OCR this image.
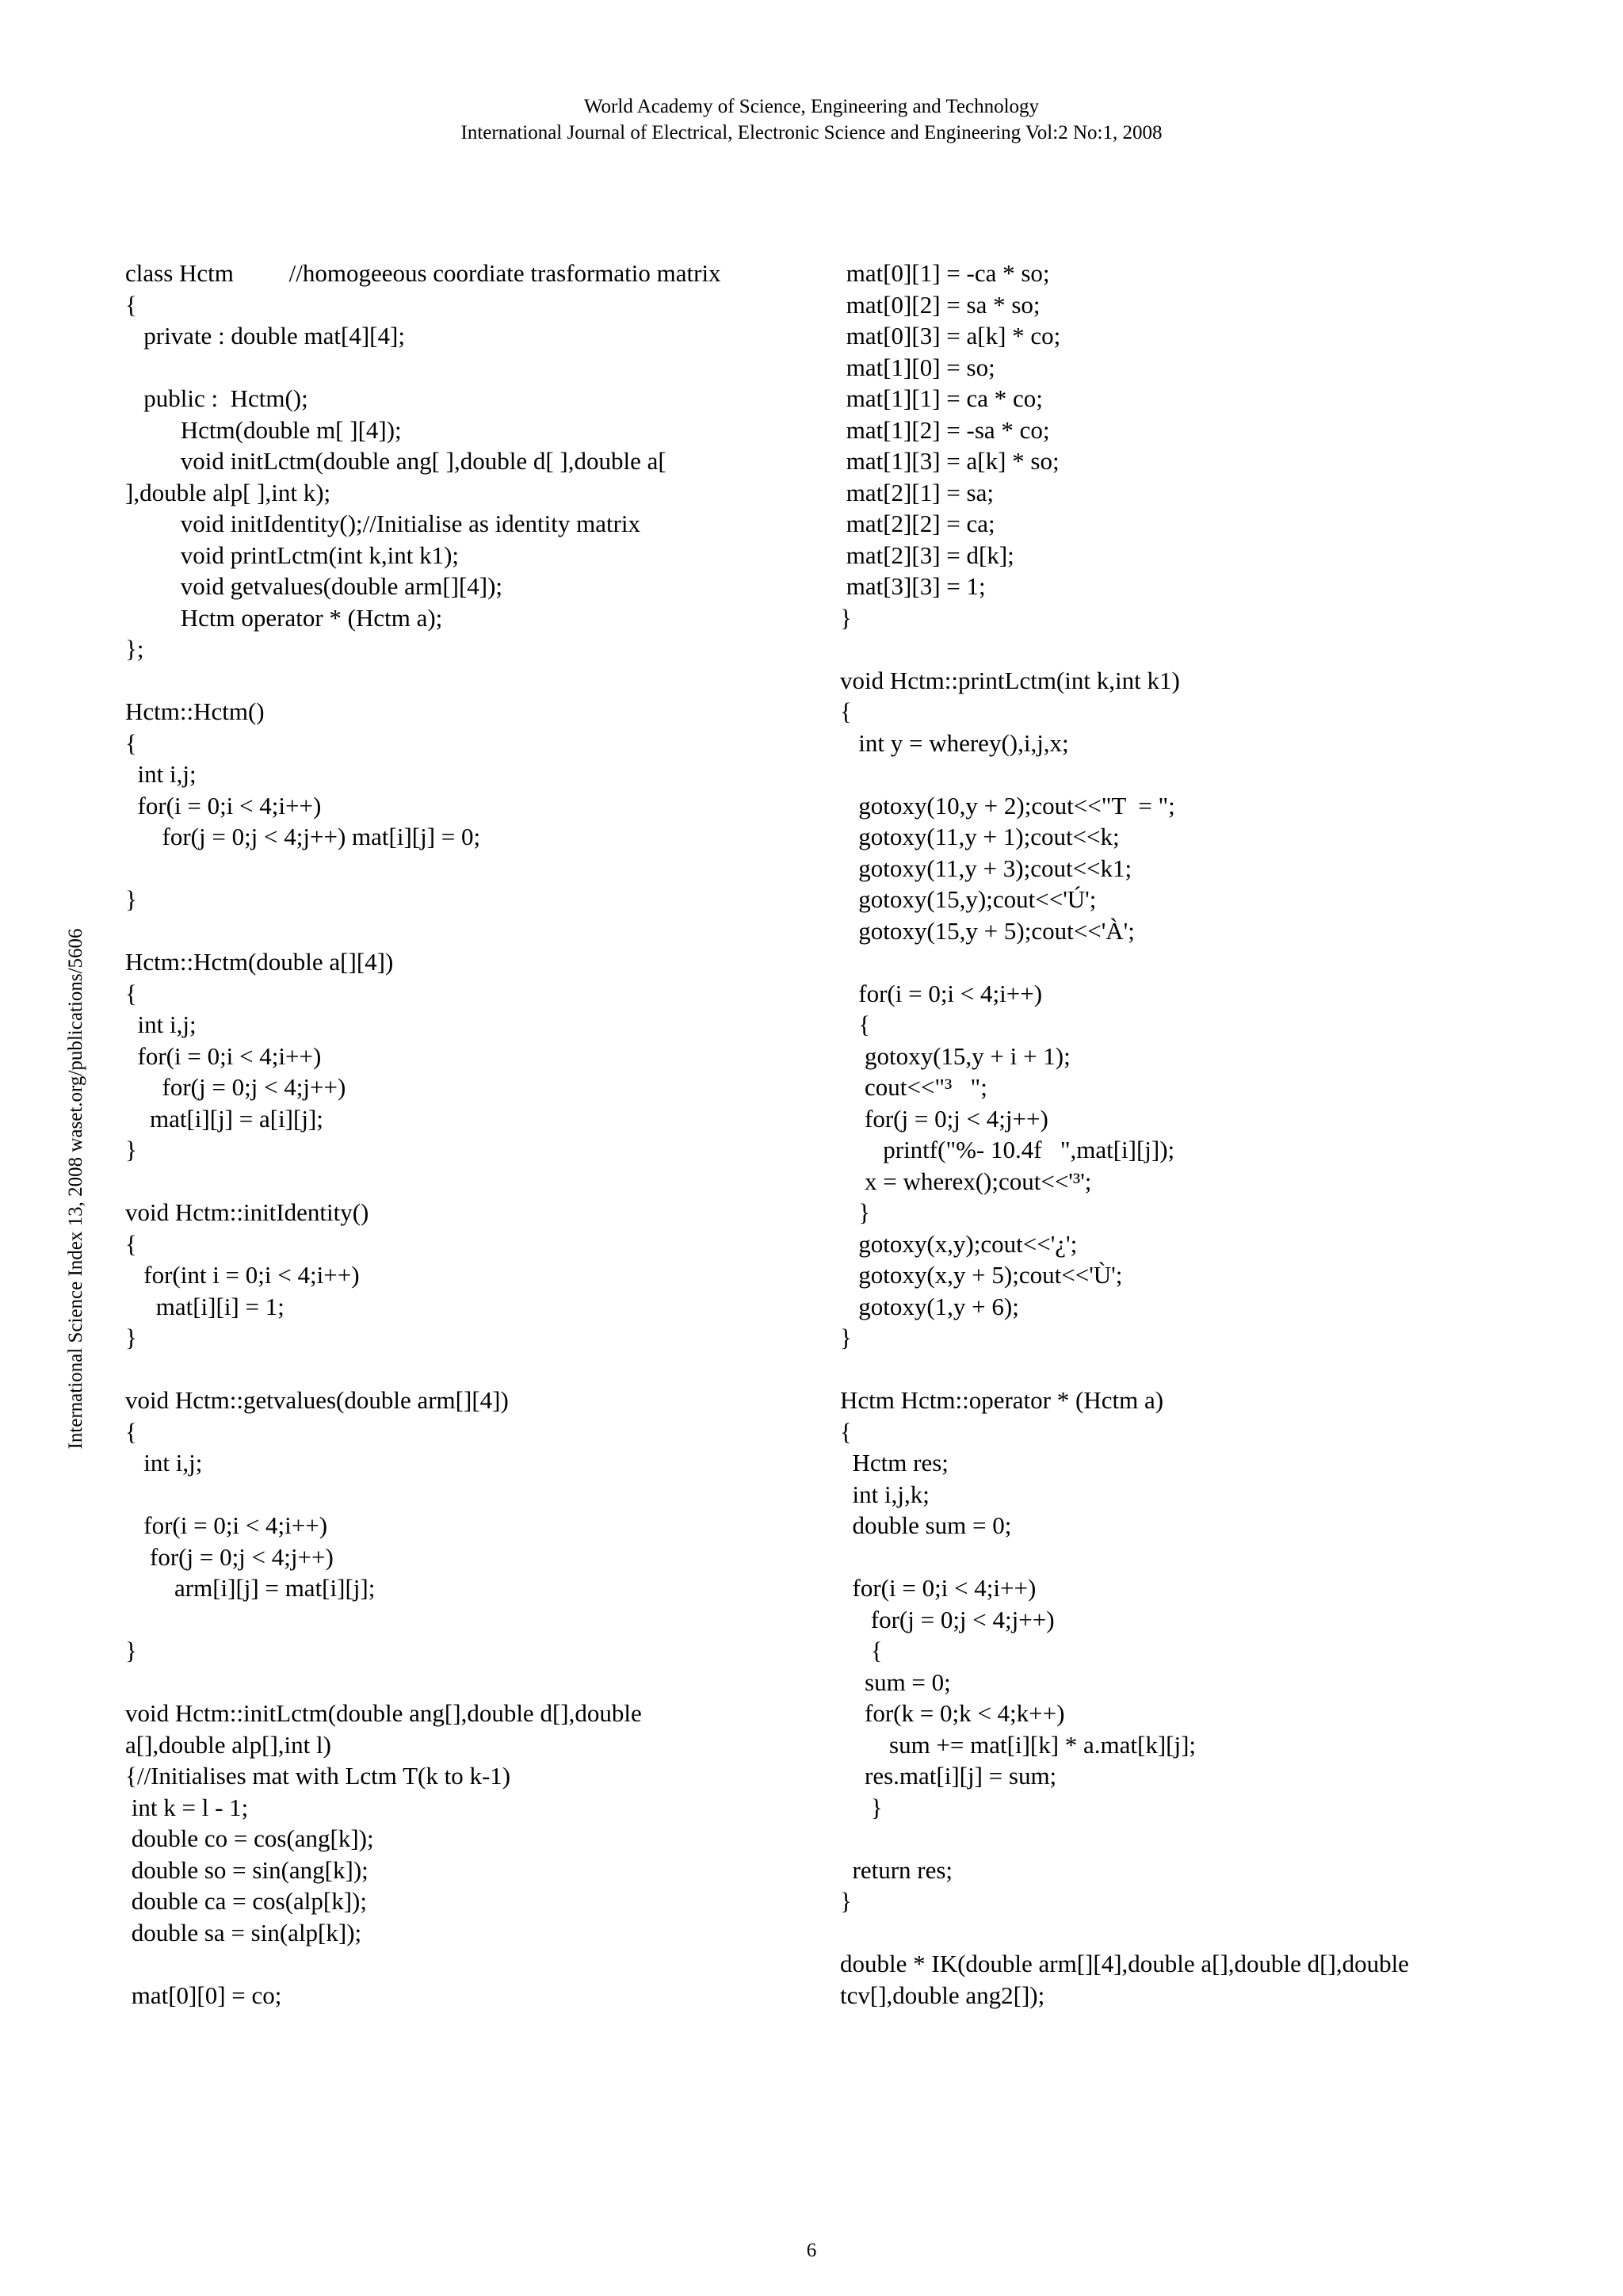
World Academy of Science, Engineering and Technology
International Journal of Electrical, Electronic Science and Engineering Vol:2 No:1, 2008
International Science Index 13, 2008 waset.org/publications/5606
class Hctm         //homogeeous coordiate trasformatio matrix
{
private : double mat[4][4];
public :  Hctm();
Hctm(double m[ ][4]);
void initLctm(double ang[ ],double d[ ],double a[
],double alp[ ],int k);
void initIdentity();//Initialise as identity matrix
void printLctm(int k,int k1);
void getvalues(double arm[][4]);
Hctm operator * (Hctm a);
};
Hctm::Hctm()
{
int i,j;
for(i = 0;i < 4;i++)
for(j = 0;j < 4;j++) mat[i][j] = 0;
}
Hctm::Hctm(double a[][4])
{
int i,j;
for(i = 0;i < 4;i++)
for(j = 0;j < 4;j++)
mat[i][j] = a[i][j];
}
void Hctm::initIdentity()
{
for(int i = 0;i < 4;i++)
mat[i][i] = 1;
}
void Hctm::getvalues(double arm[][4])
{
int i,j;
for(i = 0;i < 4;i++)
for(j = 0;j < 4;j++)
arm[i][j] = mat[i][j];
}
void Hctm::initLctm(double ang[],double d[],double
a[],double alp[],int l)
{//Initialises mat with Lctm T(k to k-1)
int k = l - 1;
double co = cos(ang[k]);
double so = sin(ang[k]);
double ca = cos(alp[k]);
double sa = sin(alp[k]);
mat[0][0] = co;
mat[0][1] = -ca * so;
mat[0][2] = sa * so;
mat[0][3] = a[k] * co;
mat[1][0] = so;
mat[1][1] = ca * co;
mat[1][2] = -sa * co;
mat[1][3] = a[k] * so;
mat[2][1] = sa;
mat[2][2] = ca;
mat[2][3] = d[k];
mat[3][3] = 1;
}
void Hctm::printLctm(int k,int k1)
{
int y = wherey(),i,j,x;
gotoxy(10,y + 2);cout<<"T  = ";
gotoxy(11,y + 1);cout<<k;
gotoxy(11,y + 3);cout<<k1;
gotoxy(15,y);cout<<'Ú';
gotoxy(15,y + 5);cout<<'À';
for(i = 0;i < 4;i++)
{
gotoxy(15,y + i + 1);
cout<<"³   ";
for(j = 0;j < 4;j++)
printf("%- 10.4f   ",mat[i][j]);
x = wherex();cout<<'³';
}
gotoxy(x,y);cout<<'¿';
gotoxy(x,y + 5);cout<<'Ù';
gotoxy(1,y + 6);
}
Hctm Hctm::operator * (Hctm a)
{
Hctm res;
int i,j,k;
double sum = 0;
for(i = 0;i < 4;i++)
for(j = 0;j < 4;j++)
{
sum = 0;
for(k = 0;k < 4;k++)
sum += mat[i][k] * a.mat[k][j];
res.mat[i][j] = sum;
}
return res;
}
double * IK(double arm[][4],double a[],double d[],double
tcv[],double ang2[]);
6
